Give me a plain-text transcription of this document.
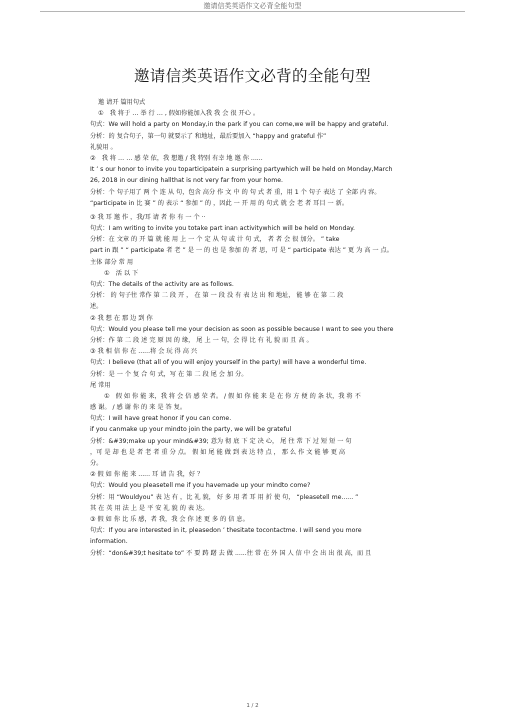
邀请信类英语作文必背全能句型
邀请信类英语作文必背的全能句型
邀 请开 篇用句式
①　我 将于 … 举 行 … , 假如你能加入我 我 会 很 开心 。
句式：We will hold a party on Monday,in the park if you can come,we will be happy and grateful.
分析：的 复合句子，第一句 就要示了 和地址，最后要加入 “happy and grateful 作”
礼貌用 。
②　我 将 … … 感 荣 依，我 想邀 / 我 特别 有幸 地 邀 你 ......
It ’ s our honor to invite you toparticipatein a surprising partywhich will be held on Monday,March
26, 2018 in our dining hallthat is not very far from your home.
分析：个 句子用了 两 个 连 从 句，包含 高分 作 文 中 的 句 式 者 重，用 1 个 句子 表达 了 全部 内 容。
“participate in 比 赛 ” 的 表示 “ 参加 ” 的 ，因此 一 开 用 的 句式 就 会 老 者 耳目 一 新。
③ 我 耳 邀 作 ，我/耳 请 者 你 有 一 个 ··
句式：I am writing to invite you totake part inan activitywhich will be held on Monday.
分析：在 文章 的 开 篇 就 能 用 上 一 个 定 从 句 或 汁 句 式， 者 者 会 很 加分。 ” take
part in 跟 ” “ participate 者 老 ” 是 一 的 也 是 参加 的 者 思，可 是 “ participate 表达 ” 更 为 高 一 点。
主体 部分 常 用
①　活 以 下
句式：The details of the activity are as follows.
分析： 的 句子往 常作 第 二 段 开 ， 在 第 一 段 没 有 表 达 出 和 地址， 能 够 在 第 二 段
述。
② 我 想 在 那 边 到 你
句式：Would you please tell me your decision as soon as possible because I want to see you there
分析：作 第 二 段 述 完 原 因 的 缘， 尾 上 一 句，会 得 比 有 礼 貌 而 且 高 。
③ 我 相 信 你 在 ......将 会 玩 得 高 兴
句式：I believe (that all of you will enjoy yourself in the party) will have a wonderful time.
分析：是 一 个 复 合 句 式，写 在 第 二 段 尾 会 加 分。
尾 常用
①　假 如 你 能 来，我 将 会 倍 感 荣 者。 / 假 如 你 能 来 是 在 你 方 便 的 条 状，我 将 不
感 谢。 / 感 谢 你 的 来 是 答 复。
句式：I will have great honor if you can come.
if you canmake up your mindto join the party, we will be grateful
分析：&#39;make up your mind&#39; 意为 彻 底 下 定 决 心， 尾 往 常 下 过 短 短 一 句
，可 是 却 也 是 者 老 者 重 分 点。 假 如 尾 能 做 到 表 达 特 点 ， 那 么 作 文 能 够 更 高
分。
② 假 如 你 能 来 ...... 耳 请 告 我，好 ？
句式：Would you pleasetell me if you havemade up your mindto come?
分析：用 “Wouldyou” 表 达 有 ，比 礼 貌， 好 多 用 者 耳 用 折 使 句， “pleasetell me...... ”
其 在 英 用 法 上 是 平 安 礼 貌 的 表 达。
③ 假 如 你 比 乐 感，者 我，我 会 你 述 更 多 的 信 息。
句式：If you are interested in it, pleasedon ’ thesitate tocontactme. I will send you more
information.
分析：“don&#39;t hesitate to” 不 要 踌 躇 去 做 ......往 常 在 外 国 人 信 中 会 出 出 很 高，而 且
1 / 2
